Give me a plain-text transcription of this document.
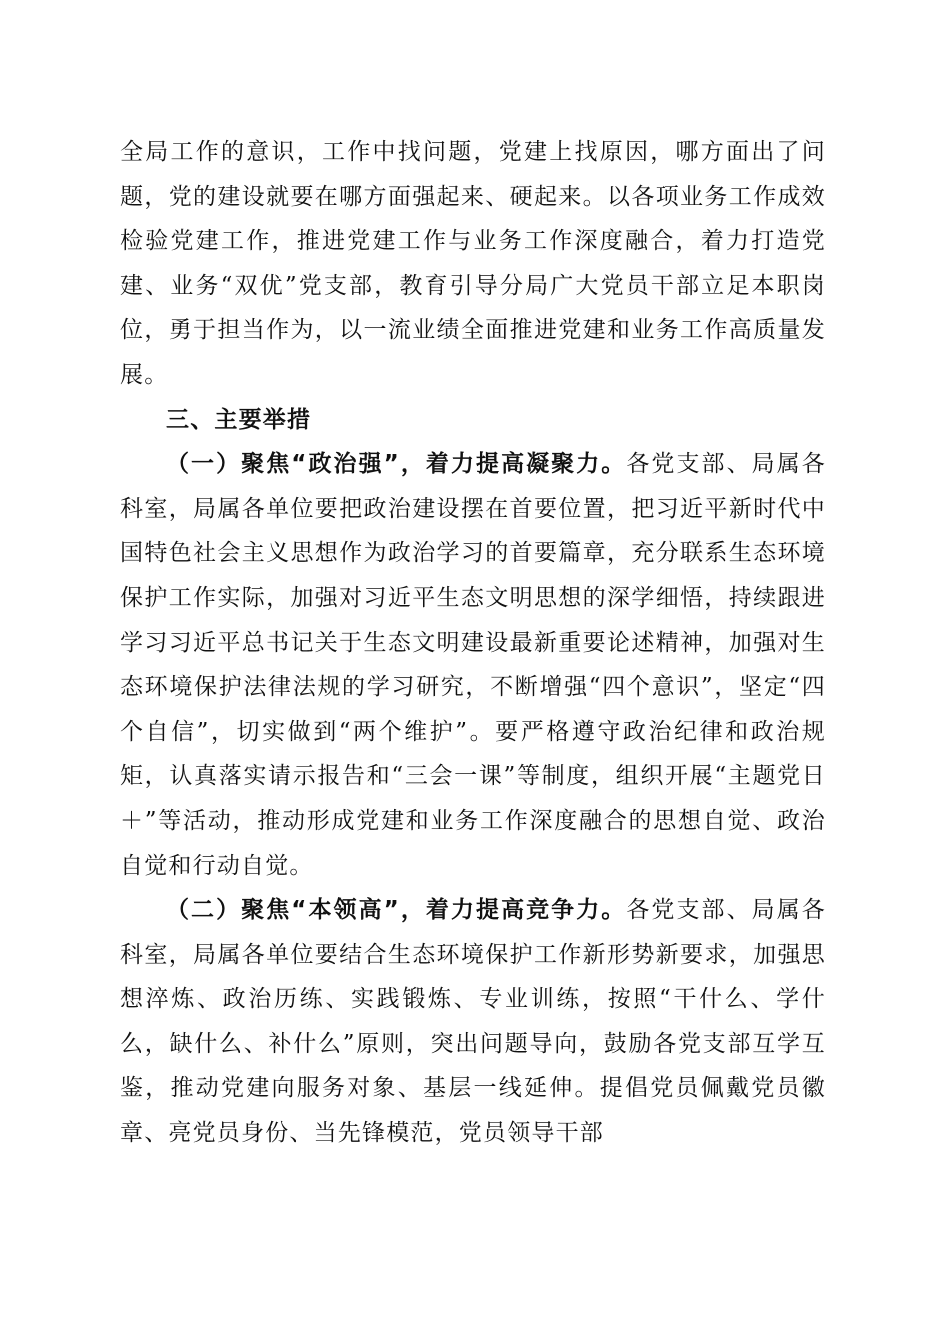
全局工作的意识，工作中找问题，党建上找原因，哪方面出了问题，党的建设就要在哪方面强起来、硬起来。以各项业务工作成效检验党建工作，推进党建工作与业务工作深度融合，着力打造党建、业务“双优”党支部，教育引导分局广大党员干部立足本职岗位，勇于担当作为，以一流业绩全面推进党建和业务工作高质量发展。

三、主要举措

（一）聚焦“政治强”，着力提高凝聚力。各党支部、局属各科室，局属各单位要把政治建设摆在首要位置，把习近平新时代中国特色社会主义思想作为政治学习的首要篇章，充分联系生态环境保护工作实际，加强对习近平生态文明思想的深学细悟，持续跟进学习习近平总书记关于生态文明建设最新重要论述精神，加强对生态环境保护法律法规的学习研究，不断增强“四个意识”，坚定“四个自信”，切实做到“两个维护”。要严格遵守政治纪律和政治规矩，认真落实请示报告和“三会一课”等制度，组织开展“主题党日＋”等活动，推动形成党建和业务工作深度融合的思想自觉、政治自觉和行动自觉。

（二）聚焦“本领高”，着力提高竞争力。各党支部、局属各科室，局属各单位要结合生态环境保护工作新形势新要求，加强思想淬炼、政治历练、实践锻炼、专业训练，按照“干什么、学什么，缺什么、补什么”原则，突出问题导向，鼓励各党支部互学互鉴，推动党建向服务对象、基层一线延伸。提倡党员佩戴党员徽章、亮党员身份、当先锋模范，党员领导干部
